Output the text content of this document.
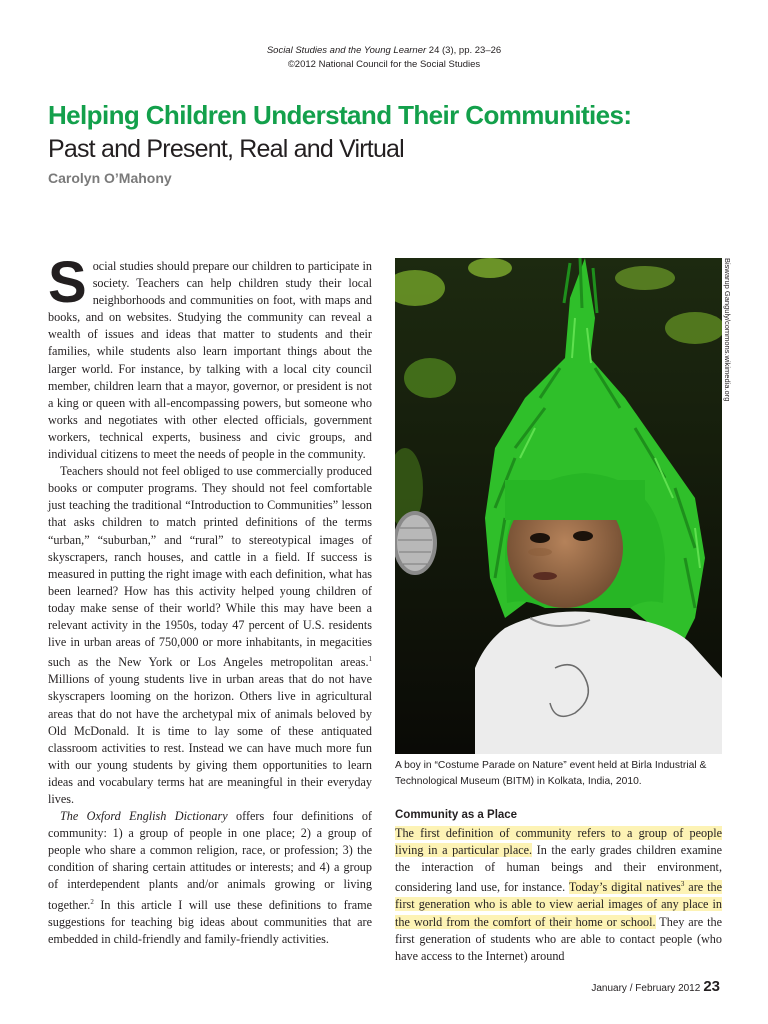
Social Studies and the Young Learner 24 (3), pp. 23–26
©2012 National Council for the Social Studies
Helping Children Understand Their Communities:
Past and Present, Real and Virtual
Carolyn O’Mahony

Social studies should prepare our children to participate in society. Teachers can help children study their local neighborhoods and communities on foot, with maps and books, and on websites. Studying the community can reveal a wealth of issues and ideas that matter to students and their families, while students also learn important things about the larger world. For instance, by talking with a local city council member, children learn that a mayor, governor, or president is not a king or queen with all-encompassing powers, but someone who works and negotiates with other elected officials, government workers, technical experts, business and civic groups, and individual citizens to meet the needs of people in the community.

Teachers should not feel obliged to use commercially produced books or computer programs. They should not feel comfortable just teaching the traditional “Introduction to Communities” lesson that asks children to match printed definitions of the terms “urban,” “suburban,” and “rural” to stereotypical images of skyscrapers, ranch houses, and cattle in a field. If success is measured in putting the right image with each definition, what has been learned? How has this activity helped young children of today make sense of their world? While this may have been a relevant activity in the 1950s, today 47 percent of U.S. residents live in urban areas of 750,000 or more inhabitants, in megacities such as the New York or Los Angeles metropolitan areas.$^1$ Millions of young students live in urban areas that do not have skyscrapers looming on the horizon. Others live in agricultural areas that do not have the archetypal mix of animals beloved by Old McDonald. It is time to lay some of these antiquated classroom activities to rest. Instead we can have much more fun with our young students by giving them opportunities to learn ideas and vocabulary terms hat are meaningful in their everyday lives.

The Oxford English Dictionary offers four definitions of community: 1) a group of people in one place; 2) a group of people who share a common religion, race, or profession; 3) the condition of sharing certain attitudes or interests; and 4) a group of interdependent plants and/or animals growing or living together.$^2$ In this article I will use these definitions to frame suggestions for teaching big ideas about communities that are embedded in child-friendly and family-friendly activities.

Biswarup Ganguly/commons.wikimedia.org
A boy in “Costume Parade on Nature” event held at Birla Industrial & Technological Museum (BITM) in Kolkata, India, 2010.
Community as a Place

The first definition of community refers to a group of people living in a particular place. In the early grades children examine the interaction of human beings and their environment, considering land use, for instance. Today’s digital natives$^3$ are the first generation who is able to view aerial images of any place in the world from the comfort of their home or school. They are the first generation of students who are able to contact people (who have access to the Internet) around

January / February 2012 23
